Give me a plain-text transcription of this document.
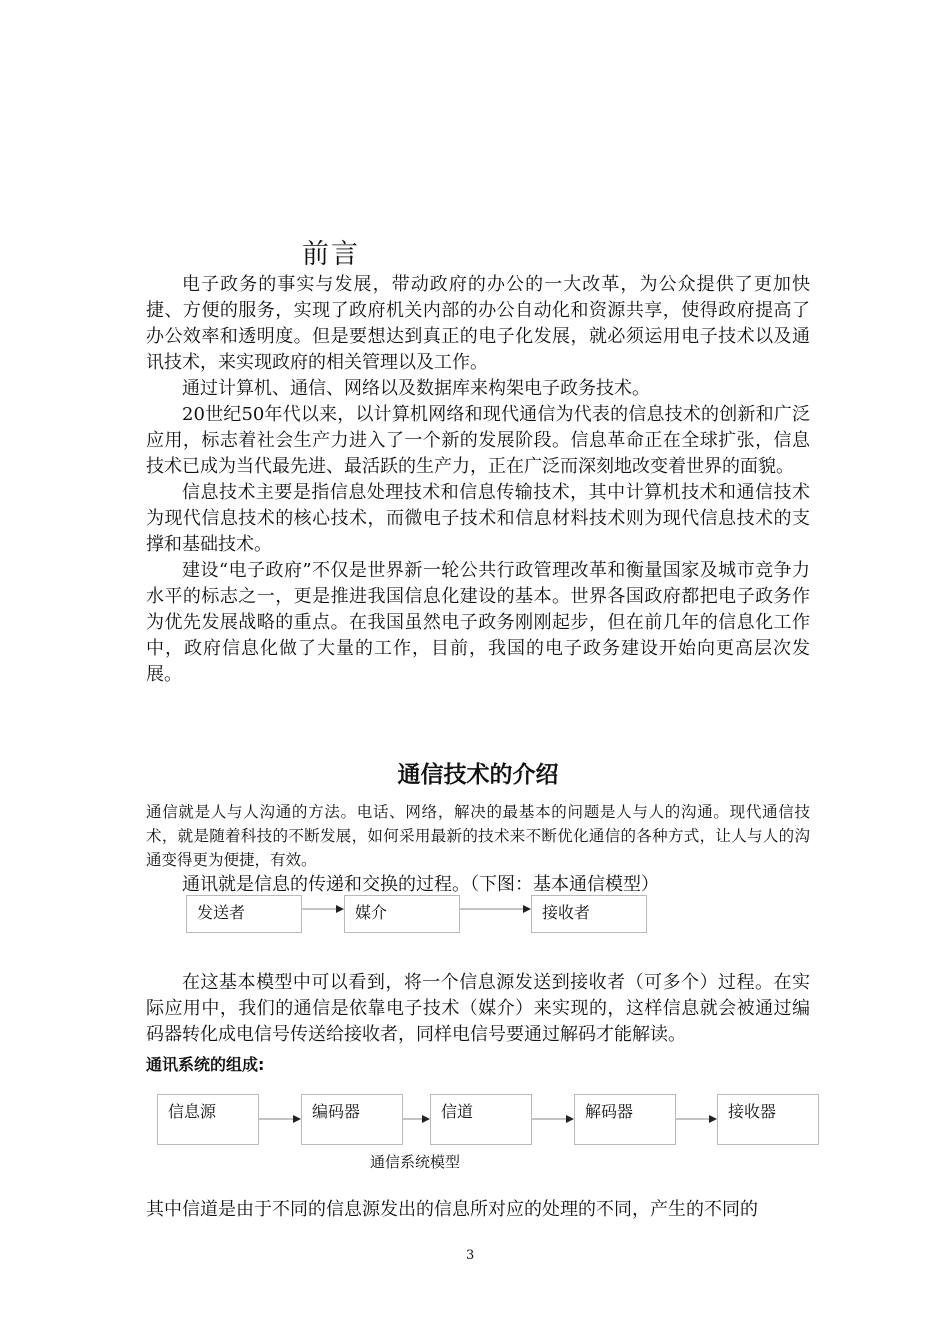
前言

电子政务的事实与发展，带动政府的办公的一大改革，为公众提供了更加快捷、方便的服务，实现了政府机关内部的办公自动化和资源共享，使得政府提高了办公效率和透明度。但是要想达到真正的电子化发展，就必须运用电子技术以及通讯技术，来实现政府的相关管理以及工作。

通过计算机、通信、网络以及数据库来构架电子政务技术。

20世纪50年代以来，以计算机网络和现代通信为代表的信息技术的创新和广泛应用，标志着社会生产力进入了一个新的发展阶段。信息革命正在全球扩张，信息技术已成为当代最先进、最活跃的生产力，正在广泛而深刻地改变着世界的面貌。

信息技术主要是指信息处理技术和信息传输技术，其中计算机技术和通信技术为现代信息技术的核心技术，而微电子技术和信息材料技术则为现代信息技术的支撑和基础技术。

建设“电子政府”不仅是世界新一轮公共行政管理改革和衡量国家及城市竞争力水平的标志之一，更是推进我国信息化建设的基本。世界各国政府都把电子政务作为优先发展战略的重点。在我国虽然电子政务刚刚起步，但在前几年的信息化工作中，政府信息化做了大量的工作，目前，我国的电子政务建设开始向更高层次发展。

通信技术的介绍

通信就是人与人沟通的方法。电话、网络，解决的最基本的问题是人与人的沟通。现代通信技术，就是随着科技的不断发展，如何采用最新的技术来不断优化通信的各种方式，让人与人的沟通变得更为便捷，有效。

通讯就是信息的传递和交换的过程。（下图：基本通信模型）
发送者	媒介	接收者

在这基本模型中可以看到，将一个信息源发送到接收者（可多个）过程。在实际应用中，我们的通信是依靠电子技术（媒介）来实现的，这样信息就会被通过编码器转化成电信号传送给接收者，同样电信号要通过解码才能解读。

通讯系统的组成:
信息源	编码器	信道	解码器	接收器
通信系统模型
其中信道是由于不同的信息源发出的信息所对应的处理的不同，产生的不同的
3
